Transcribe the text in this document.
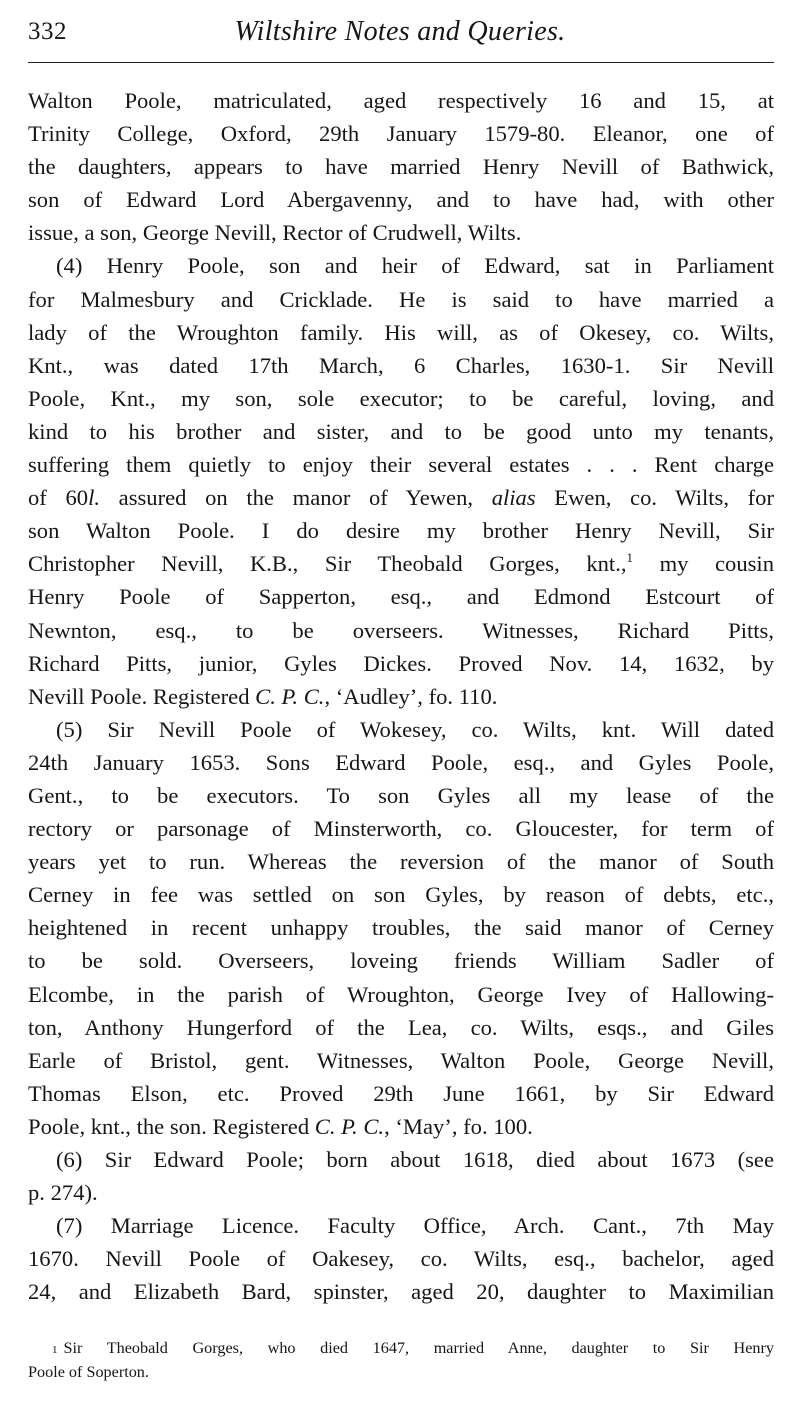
332	Wiltshire Notes and Queries.
Walton Poole, matriculated, aged respectively 16 and 15, at
Trinity College, Oxford, 29th January 1579-80. Eleanor, one of
the daughters, appears to have married Henry Nevill of Bathwick,
son of Edward Lord Abergavenny, and to have had, with other
issue, a son, George Nevill, Rector of Crudwell, Wilts.
(4) Henry Poole, son and heir of Edward, sat in Parliament
for Malmesbury and Cricklade. He is said to have married a
lady of the Wroughton family. His will, as of Okesey, co. Wilts,
Knt., was dated 17th March, 6 Charles, 1630-1. Sir Nevill
Poole, Knt., my son, sole executor; to be careful, loving, and
kind to his brother and sister, and to be good unto my tenants,
suffering them quietly to enjoy their several estates . . . Rent charge
of 60l. assured on the manor of Yewen, alias Ewen, co. Wilts, for
son Walton Poole. I do desire my brother Henry Nevill, Sir
Christopher Nevill, K.B., Sir Theobald Gorges, knt.,$^1$ my cousin
Henry Poole of Sapperton, esq., and Edmond Estcourt of
Newnton, esq., to be overseers. Witnesses, Richard Pitts,
Richard Pitts, junior, Gyles Dickes. Proved Nov. 14, 1632, by
Nevill Poole. Registered C. P. C., ‘Audley’, fo. 110.
(5) Sir Nevill Poole of Wokesey, co. Wilts, knt. Will dated
24th January 1653. Sons Edward Poole, esq., and Gyles Poole,
Gent., to be executors. To son Gyles all my lease of the
rectory or parsonage of Minsterworth, co. Gloucester, for term of
years yet to run. Whereas the reversion of the manor of South
Cerney in fee was settled on son Gyles, by reason of debts, etc.,
heightened in recent unhappy troubles, the said manor of Cerney
to be sold. Overseers, loveing friends William Sadler of
Elcombe, in the parish of Wroughton, George Ivey of Hallowing-
ton, Anthony Hungerford of the Lea, co. Wilts, esqs., and Giles
Earle of Bristol, gent. Witnesses, Walton Poole, George Nevill,
Thomas Elson, etc. Proved 29th June 1661, by Sir Edward
Poole, knt., the son. Registered C. P. C., ‘May’, fo. 100.
(6) Sir Edward Poole; born about 1618, died about 1673 (see
p. 274).
(7) Marriage Licence. Faculty Office, Arch. Cant., 7th May
1670. Nevill Poole of Oakesey, co. Wilts, esq., bachelor, aged
24, and Elizabeth Bard, spinster, aged 20, daughter to Maximilian
1 Sir Theobald Gorges, who died 1647, married Anne, daughter to Sir Henry
Poole of Soperton.
